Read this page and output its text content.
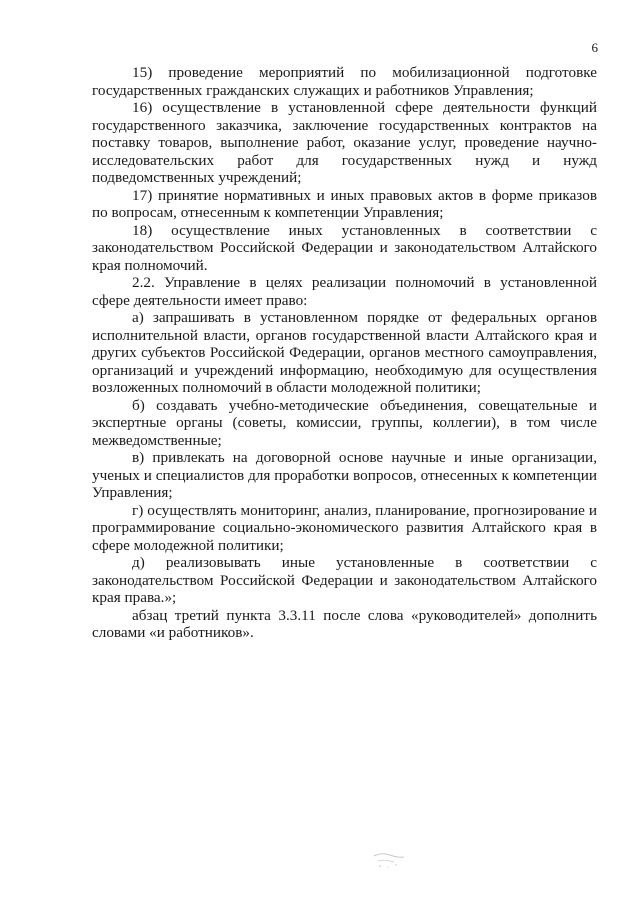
6

15) проведение мероприятий по мобилизационной подготовке государственных гражданских служащих и работников Управления;

16) осуществление в установленной сфере деятельности функций государственного заказчика, заключение государственных контрактов на поставку товаров, выполнение работ, оказание услуг, проведение научно-исследовательских работ для государственных нужд и нужд подведомственных учреждений;

17) принятие нормативных и иных правовых актов в форме приказов по вопросам, отнесенным к компетенции Управления;

18) осуществление иных установленных в соответствии с законодательством Российской Федерации и законодательством Алтайского края полномочий.

2.2. Управление в целях реализации полномочий в установленной сфере деятельности имеет право:

а) запрашивать в установленном порядке от федеральных органов исполнительной власти, органов государственной власти Алтайского края и других субъектов Российской Федерации, органов местного самоуправления, организаций и учреждений информацию, необходимую для осуществления возложенных полномочий в области молодежной политики;

б) создавать учебно-методические объединения, совещательные и экспертные органы (советы, комиссии, группы, коллегии), в том числе межведомственные;

в) привлекать на договорной основе научные и иные организации, ученых и специалистов для проработки вопросов, отнесенных к компетенции Управления;

г) осуществлять мониторинг, анализ, планирование, прогнозирование и программирование социально-экономического развития Алтайского края в сфере молодежной политики;

д) реализовывать иные установленные в соответствии с законодательством Российской Федерации и законодательством Алтайского края права.»;

абзац третий пункта 3.3.11 после слова «руководителей» дополнить словами «и работников».
